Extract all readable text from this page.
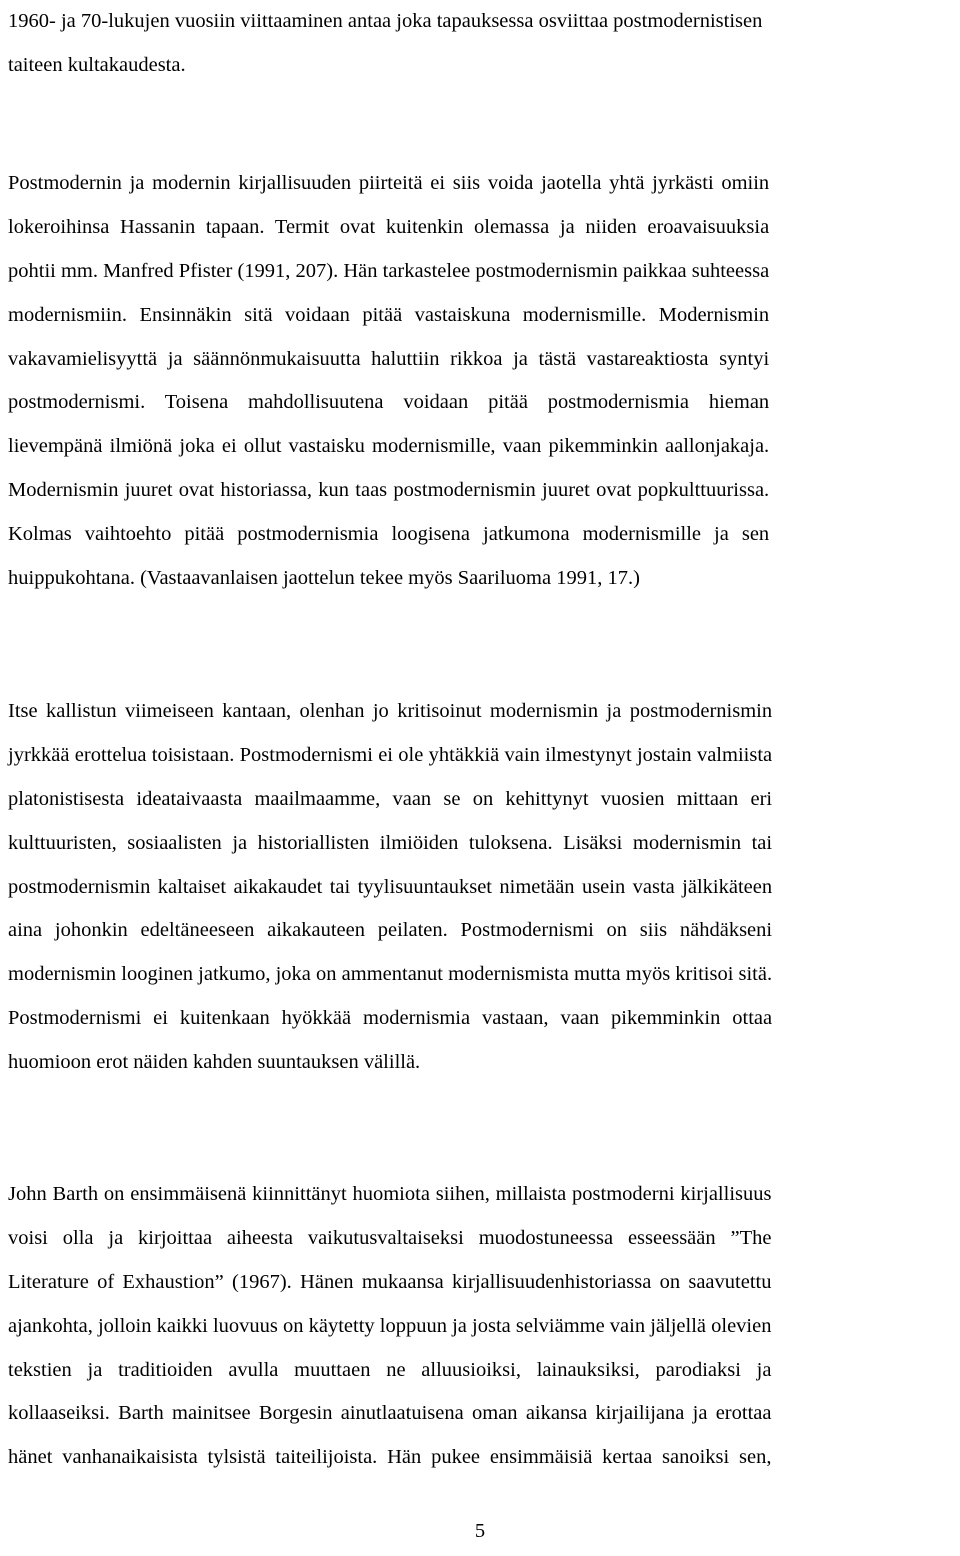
1960- ja 70-lukujen vuosiin viittaaminen antaa joka tapauksessa osviittaa postmodernistisen
taiteen kultakaudesta.
Postmodernin ja modernin kirjallisuuden piirteitä ei siis voida jaotella yhtä jyrkästi omiin
lokeroihinsa Hassanin tapaan. Termit ovat kuitenkin olemassa ja niiden eroavaisuuksia
pohtii mm. Manfred Pfister (1991, 207). Hän tarkastelee postmodernismin paikkaa suhteessa
modernismiin. Ensinnäkin sitä voidaan pitää vastaiskuna modernismille. Modernismin
vakavamielisyyttä ja säännönmukaisuutta haluttiin rikkoa ja tästä vastareaktiosta syntyi
postmodernismi. Toisena mahdollisuutena voidaan pitää postmodernismia hieman
lievempänä ilmiönä joka ei ollut vastaisku modernismille, vaan pikemminkin aallonjakaja.
Modernismin juuret ovat historiassa, kun taas postmodernismin juuret ovat popkulttuurissa.
Kolmas vaihtoehto pitää postmodernismia loogisena jatkumona modernismille ja sen
huippukohtana. (Vastaavanlaisen jaottelun tekee myös Saariluoma 1991, 17.)
Itse kallistun viimeiseen kantaan, olenhan jo kritisoinut modernismin ja postmodernismin
jyrkkää erottelua toisistaan. Postmodernismi ei ole yhtäkkiä vain ilmestynyt jostain valmiista
platonistisesta ideataivaasta maailmaamme, vaan se on kehittynyt vuosien mittaan eri
kulttuuristen, sosiaalisten ja historiallisten ilmiöiden tuloksena. Lisäksi modernismin tai
postmodernismin kaltaiset aikakaudet tai tyylisuuntaukset nimetään usein vasta jälkikäteen
aina johonkin edeltäneeseen aikakauteen peilaten. Postmodernismi on siis nähdäkseni
modernismin looginen jatkumo, joka on ammentanut modernismista mutta myös kritisoi sitä.
Postmodernismi ei kuitenkaan hyökkää modernismia vastaan, vaan pikemminkin ottaa
huomioon erot näiden kahden suuntauksen välillä.
John Barth on ensimmäisenä kiinnittänyt huomiota siihen, millaista postmoderni kirjallisuus
voisi olla ja kirjoittaa aiheesta vaikutusvaltaiseksi muodostuneessa esseessään ”The
Literature of Exhaustion” (1967). Hänen mukaansa kirjallisuudenhistoriassa on saavutettu
ajankohta, jolloin kaikki luovuus on käytetty loppuun ja josta selviämme vain jäljellä olevien
tekstien ja traditioiden avulla muuttaen ne alluusioiksi, lainauksiksi, parodiaksi ja
kollaaseiksi. Barth mainitsee Borgesin ainutlaatuisena oman aikansa kirjailijana ja erottaa
hänet vanhanaikaisista tylsistä taiteilijoista. Hän pukee ensimmäisiä kertaa sanoiksi sen,
5
